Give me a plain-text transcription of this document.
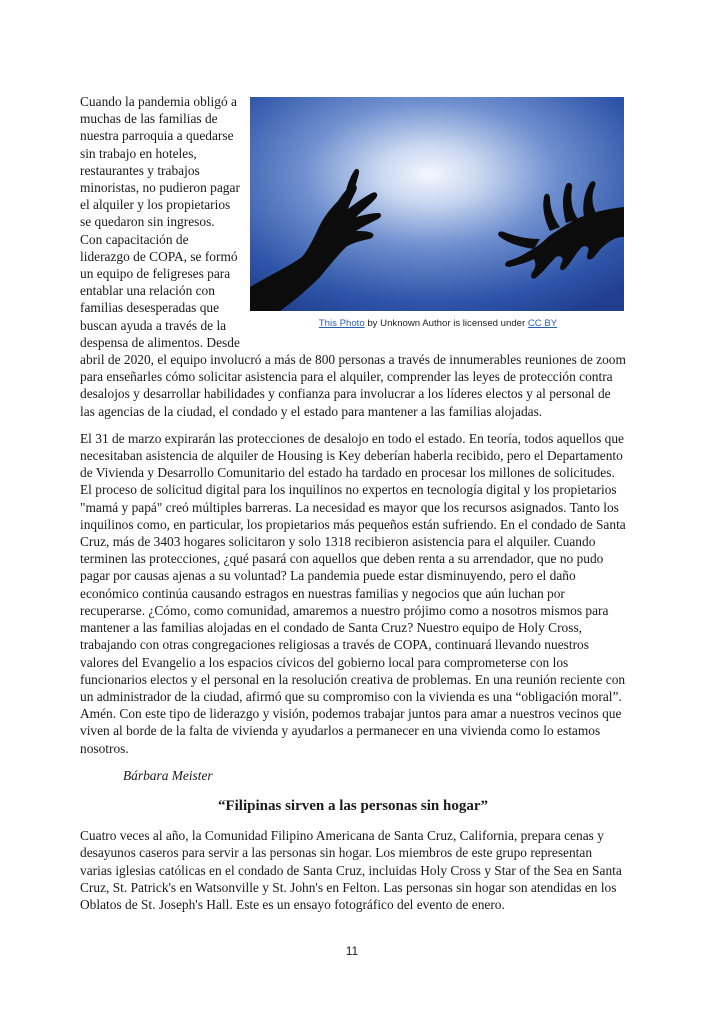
This Photo by Unknown Author is licensed under CC BY

Cuando la pandemia obligó a muchas de las familias de nuestra parroquia a quedarse sin trabajo en hoteles, restaurantes y trabajos minoristas, no pudieron pagar el alquiler y los propietarios se quedaron sin ingresos. Con capacitación de liderazgo de COPA, se formó un equipo de feligreses para entablar una relación con familias desesperadas que buscan ayuda a través de la despensa de alimentos. Desde abril de 2020, el equipo involucró a más de 800 personas a través de innumerables reuniones de zoom para enseñarles cómo solicitar asistencia para el alquiler, comprender las leyes de protección contra desalojos y desarrollar habilidades y confianza para involucrar a los líderes electos y al personal de las agencias de la ciudad, el condado y el estado para mantener a las familias alojadas.

El 31 de marzo expirarán las protecciones de desalojo en todo el estado. En teoría, todos aquellos que necesitaban asistencia de alquiler de Housing is Key deberían haberla recibido, pero el Departamento de Vivienda y Desarrollo Comunitario del estado ha tardado en procesar los millones de solicitudes. El proceso de solicitud digital para los inquilinos no expertos en tecnología digital y los propietarios "mamá y papá" creó múltiples barreras. La necesidad es mayor que los recursos asignados. Tanto los inquilinos como, en particular, los propietarios más pequeños están sufriendo. En el condado de Santa Cruz, más de 3403 hogares solicitaron y solo 1318 recibieron asistencia para el alquiler. Cuando terminen las protecciones, ¿qué pasará con aquellos que deben renta a su arrendador, que no pudo pagar por causas ajenas a su voluntad? La pandemia puede estar disminuyendo, pero el daño económico continúa causando estragos en nuestras familias y negocios que aún luchan por recuperarse. ¿Cómo, como comunidad, amaremos a nuestro prójimo como a nosotros mismos para mantener a las familias alojadas en el condado de Santa Cruz? Nuestro equipo de Holy Cross, trabajando con otras congregaciones religiosas a través de COPA, continuará llevando nuestros valores del Evangelio a los espacios cívicos del gobierno local para comprometerse con los funcionarios electos y el personal en la resolución creativa de problemas. En una reunión reciente con un administrador de la ciudad, afirmó que su compromiso con la vivienda es una “obligación moral”. Amén. Con este tipo de liderazgo y visión, podemos trabajar juntos para amar a nuestros vecinos que viven al borde de la falta de vivienda y ayudarlos a permanecer en una vivienda como lo estamos nosotros.

Bárbara Meister

“Filipinas sirven a las personas sin hogar”

Cuatro veces al año, la Comunidad Filipino Americana de Santa Cruz, California, prepara cenas y desayunos caseros para servir a las personas sin hogar. Los miembros de este grupo representan varias iglesias católicas en el condado de Santa Cruz, incluidas Holy Cross y Star of the Sea en Santa Cruz, St. Patrick's en Watsonville y St. John's en Felton. Las personas sin hogar son atendidas en los Oblatos de St. Joseph's Hall. Este es un ensayo fotográfico del evento de enero.

11
